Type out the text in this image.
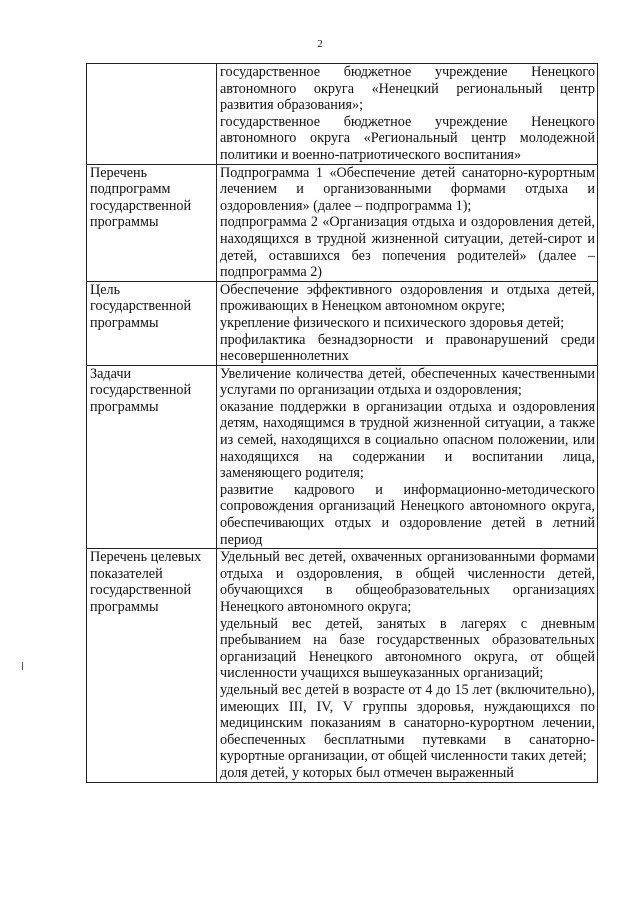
2

	государственное бюджетное учреждение Ненецкого автономного округа «Ненецкий региональный центр развития образования»;

государственное бюджетное учреждение Ненецкого автономного округа «Региональный центр молодежной политики и военно-патриотического воспитания»

Перечень подпрограмм государственной программы	Подпрограмма 1 «Обеспечение детей санаторно-курортным лечением и организованными формами отдыха и оздоровления» (далее – подпрограмма 1);

подпрограмма 2 «Организация отдыха и оздоровления детей, находящихся в трудной жизненной ситуации, детей-сирот и детей, оставшихся без попечения родителей» (далее – подпрограмма 2)

Цель государственной программы	Обеспечение эффективного оздоровления и отдыха детей, проживающих в Ненецком автономном округе;

укрепление физического и психического здоровья детей;

профилактика безнадзорности и правонарушений среди несовершеннолетних

Задачи государственной программы	Увеличение количества детей, обеспеченных качественными услугами по организации отдыха и оздоровления;

оказание поддержки в организации отдыха и оздоровления детям, находящимся в трудной жизненной ситуации, а также из семей, находящихся в социально опасном положении, или находящихся на содержании и воспитании лица, заменяющего родителя;

развитие кадрового и информационно-методического сопровождения организаций Ненецкого автономного округа, обеспечивающих отдых и оздоровление детей в летний период

Перечень целевых показателей государственной программы	Удельный вес детей, охваченных организованными формами отдыха и оздоровления, в общей численности детей, обучающихся в общеобразовательных организациях Ненецкого автономного округа;

удельный вес детей, занятых в лагерях с дневным пребыванием на базе государственных образовательных организаций Ненецкого автономного округа, от общей численности учащихся вышеуказанных организаций;

удельный вес детей в возрасте от 4 до 15 лет (включительно), имеющих III, IV, V группы здоровья, нуждающихся по медицинским показаниям в санаторно-курортном лечении, обеспеченных бесплатными путевками в санаторно-курортные организации, от общей численности таких детей;

доля детей, у которых был отмечен выраженный
